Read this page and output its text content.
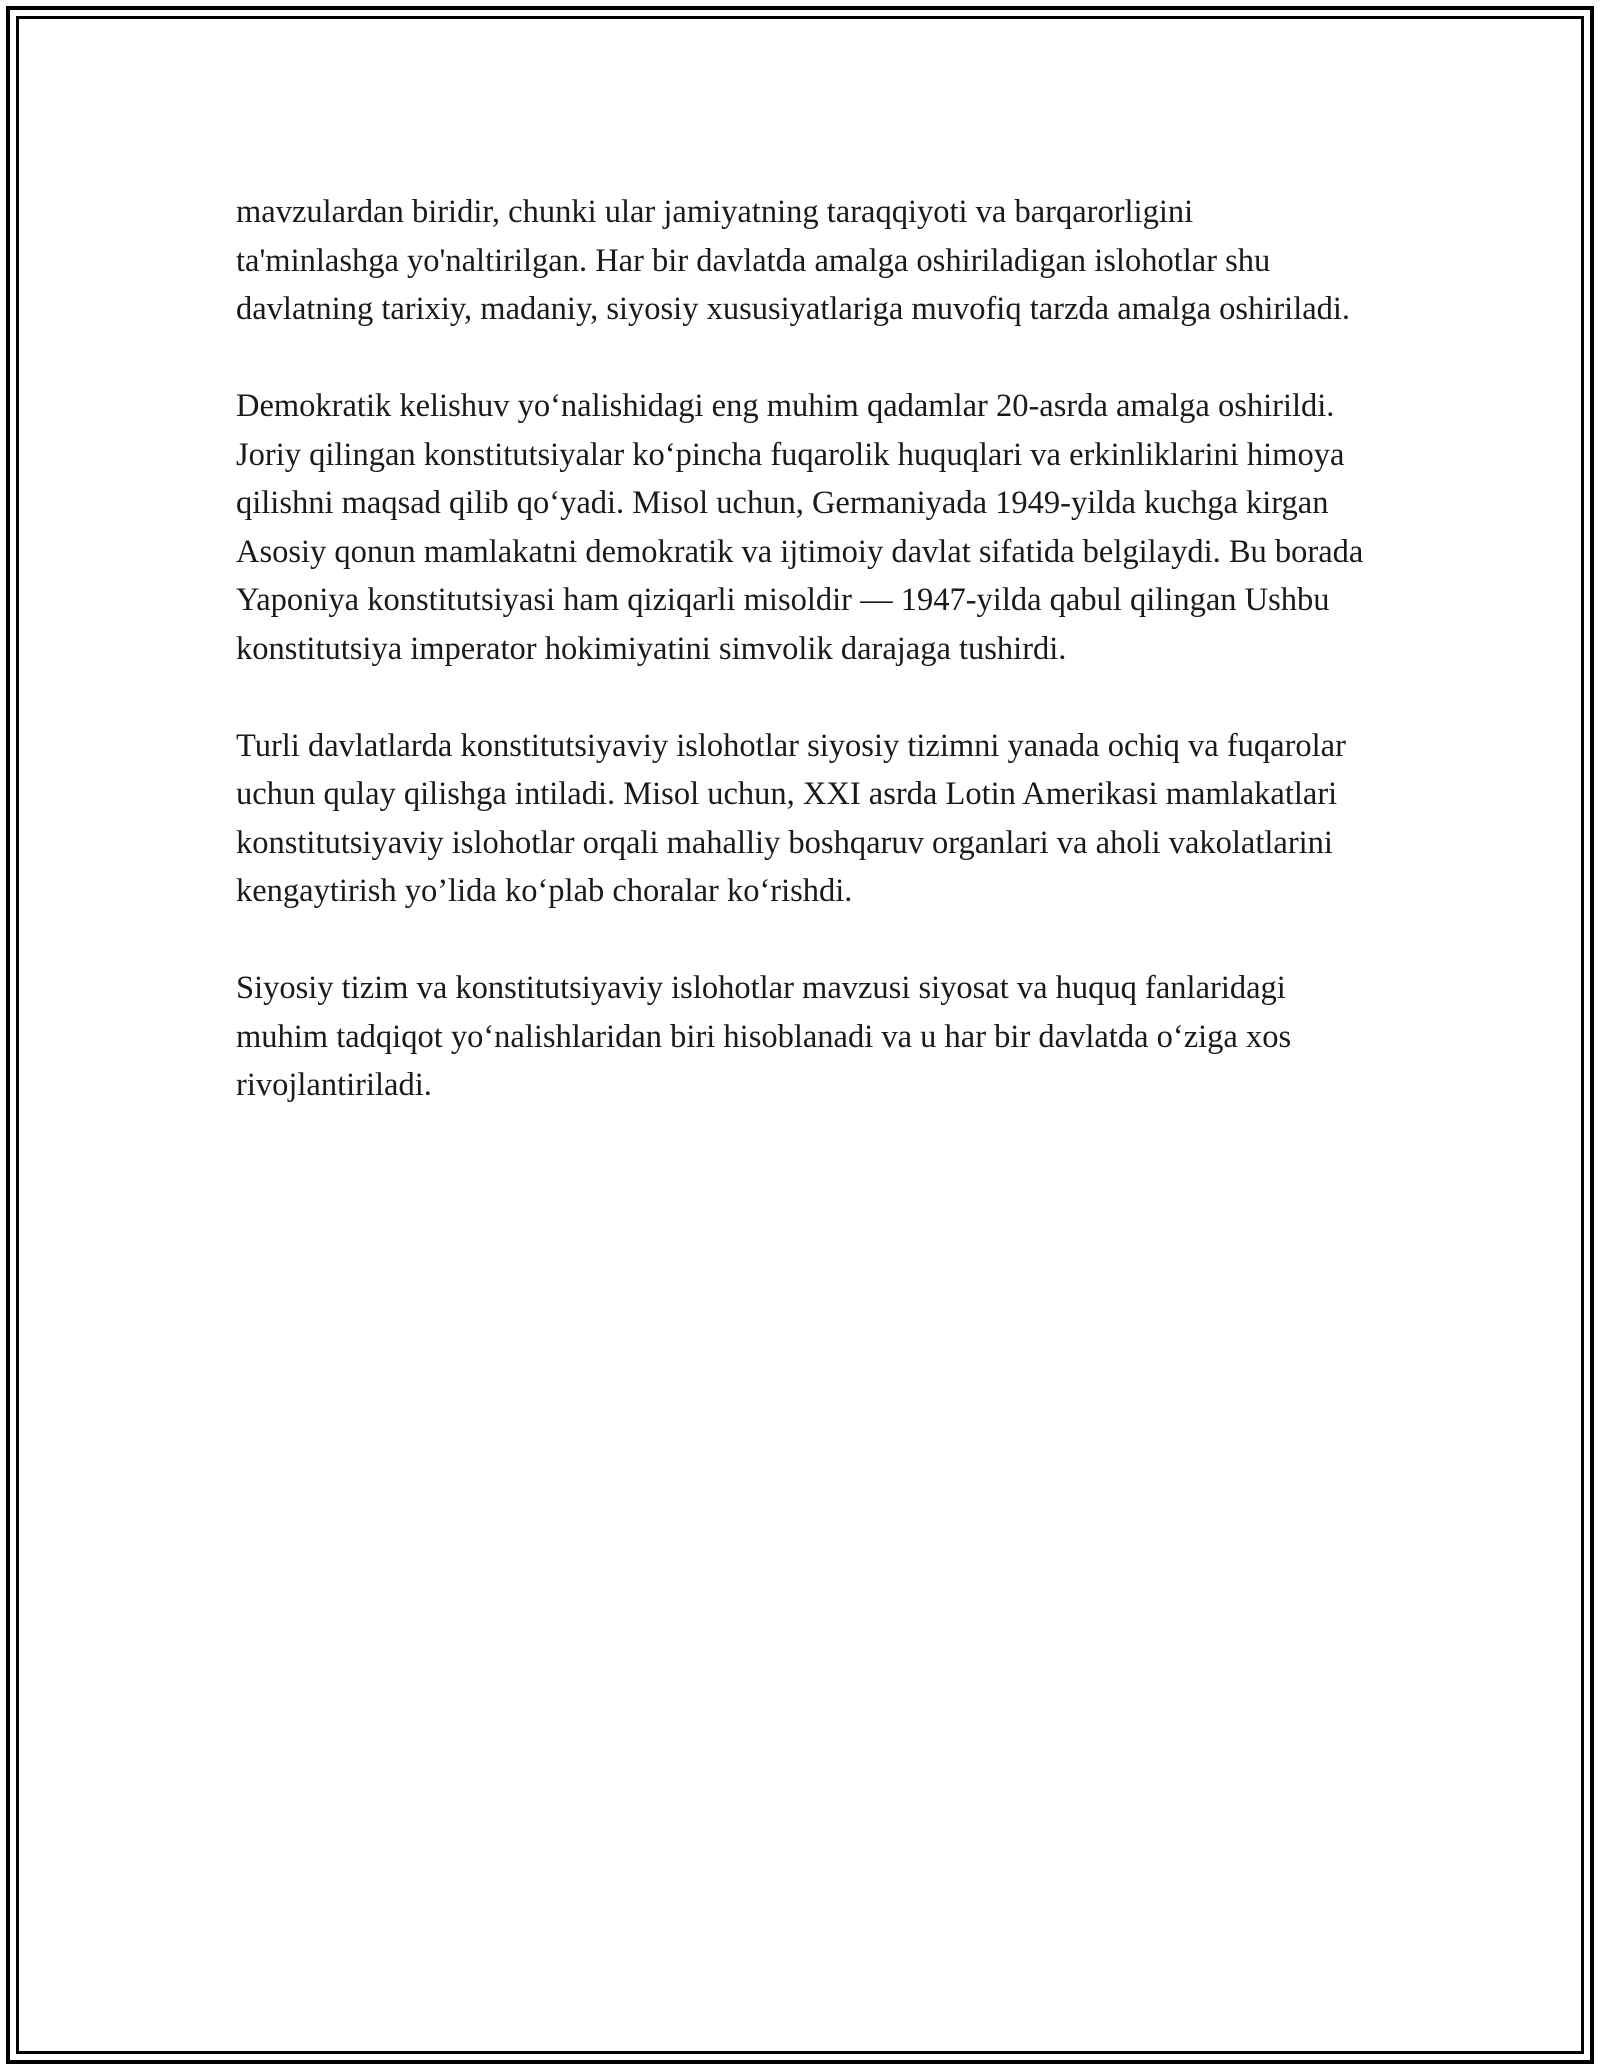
mavzulardan biridir, chunki ular jamiyatning taraqqiyoti va barqarorligini ta'minlashga yo'naltirilgan. Har bir davlatda amalga oshiriladigan islohotlar shu davlatning tarixiy, madaniy, siyosiy xususiyatlariga muvofiq tarzda amalga oshiriladi.

Demokratik kelishuv yo‘nalishidagi eng muhim qadamlar 20-asrda amalga oshirildi. Joriy qilingan konstitutsiyalar ko‘pincha fuqarolik huquqlari va erkinliklarini himoya qilishni maqsad qilib qo‘yadi. Misol uchun, Germaniyada 1949-yilda kuchga kirgan Asosiy qonun mamlakatni demokratik va ijtimoiy davlat sifatida belgilaydi. Bu borada Yaponiya konstitutsiyasi ham qiziqarli misoldir — 1947-yilda qabul qilingan Ushbu konstitutsiya imperator hokimiyatini simvolik darajaga tushirdi.

Turli davlatlarda konstitutsiyaviy islohotlar siyosiy tizimni yanada ochiq va fuqarolar uchun qulay qilishga intiladi. Misol uchun, XXI asrda Lotin Amerikasi mamlakatlari konstitutsiyaviy islohotlar orqali mahalliy boshqaruv organlari va aholi vakolatlarini kengaytirish yo’lida ko‘plab choralar ko‘rishdi.

Siyosiy tizim va konstitutsiyaviy islohotlar mavzusi siyosat va huquq fanlaridagi muhim tadqiqot yo‘nalishlaridan biri hisoblanadi va u har bir davlatda o‘ziga xos rivojlantiriladi.
